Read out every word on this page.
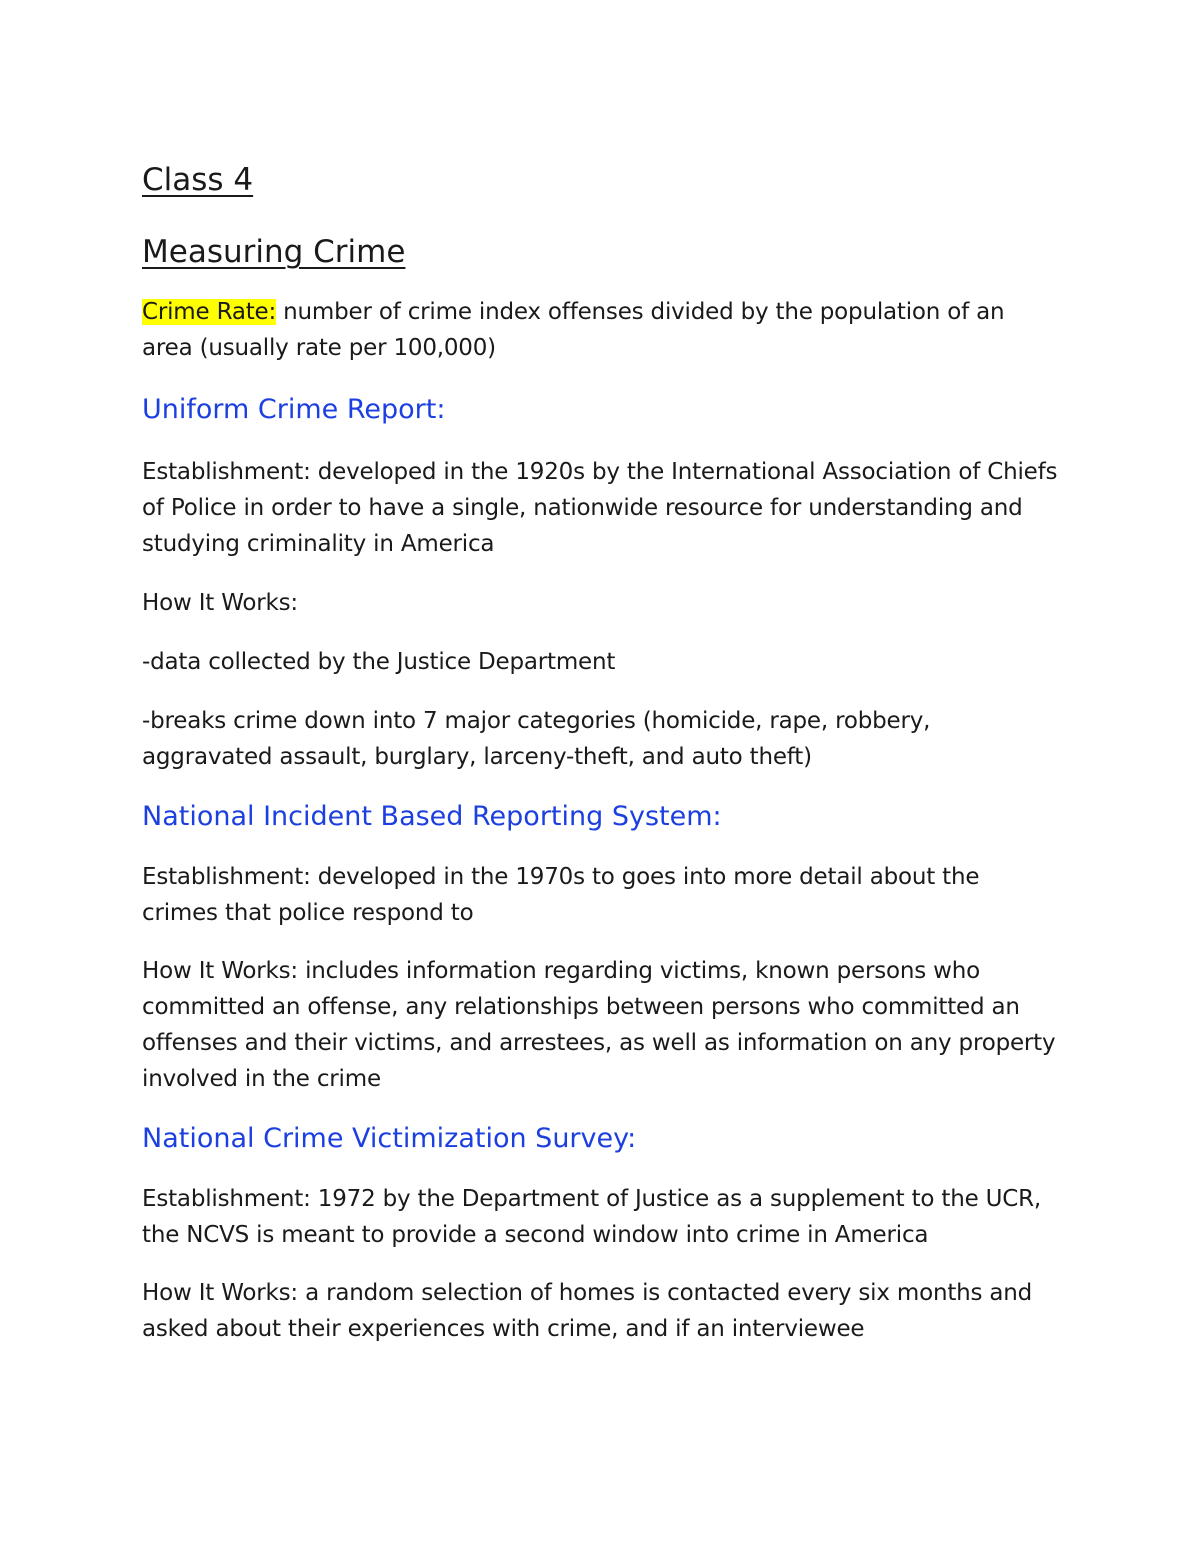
Class 4
Measuring Crime

Crime Rate: number of crime index offenses divided by the population of an area (usually rate per 100,000)

Uniform Crime Report:

Establishment: developed in the 1920s by the International Association of Chiefs of Police in order to have a single, nationwide resource for understanding and studying criminality in America

How It Works:

-data collected by the Justice Department

-breaks crime down into 7 major categories (homicide, rape, robbery, aggravated assault, burglary, larceny-theft, and auto theft)

National Incident Based Reporting System:

Establishment: developed in the 1970s to goes into more detail about the crimes that police respond to

How It Works: includes information regarding victims, known persons who committed an offense, any relationships between persons who committed an offenses and their victims, and arrestees, as well as information on any property involved in the crime

National Crime Victimization Survey:

Establishment: 1972 by the Department of Justice as a supplement to the UCR, the NCVS is meant to provide a second window into crime in America

How It Works: a random selection of homes is contacted every six months and asked about their experiences with crime, and if an interviewee
